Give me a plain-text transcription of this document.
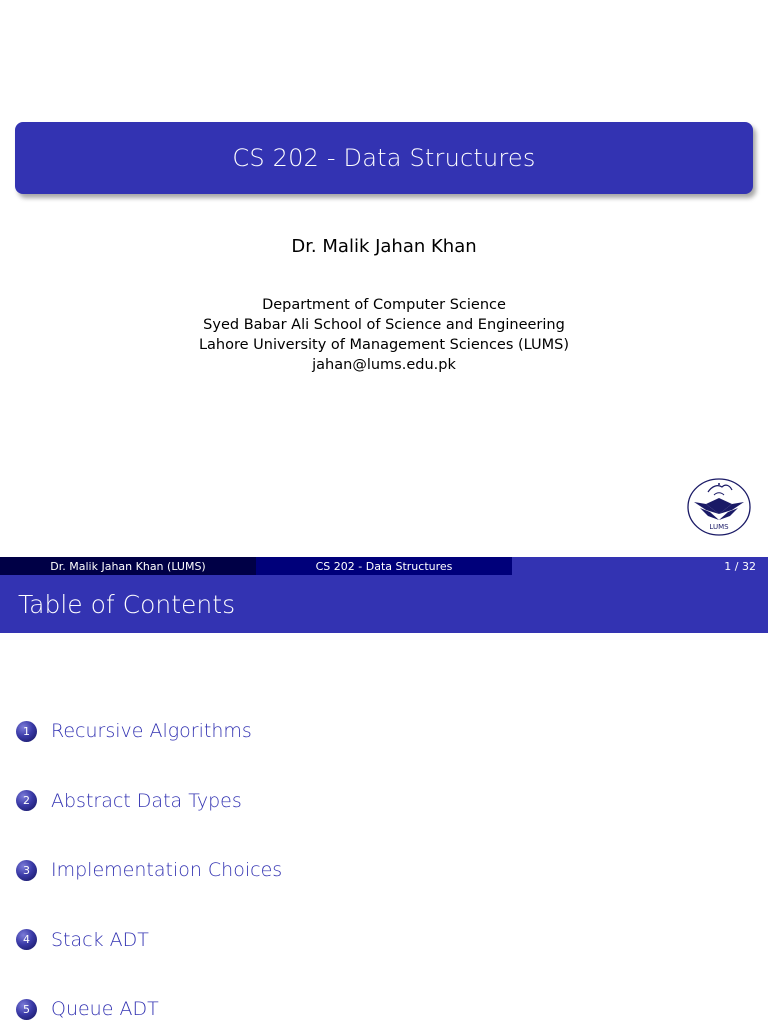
CS 202 - Data Structures
Dr. Malik Jahan Khan
Department of Computer Science
Syed Babar Ali School of Science and Engineering
Lahore University of Management Sciences (LUMS)
jahan@lums.edu.pk
LUMS
Dr. Malik Jahan Khan (LUMS)	CS 202 - Data Structures	1 / 32
Table of Contents
1	Recursive Algorithms
2	Abstract Data Types
3	Implementation Choices
4	Stack ADT
5	Queue ADT
